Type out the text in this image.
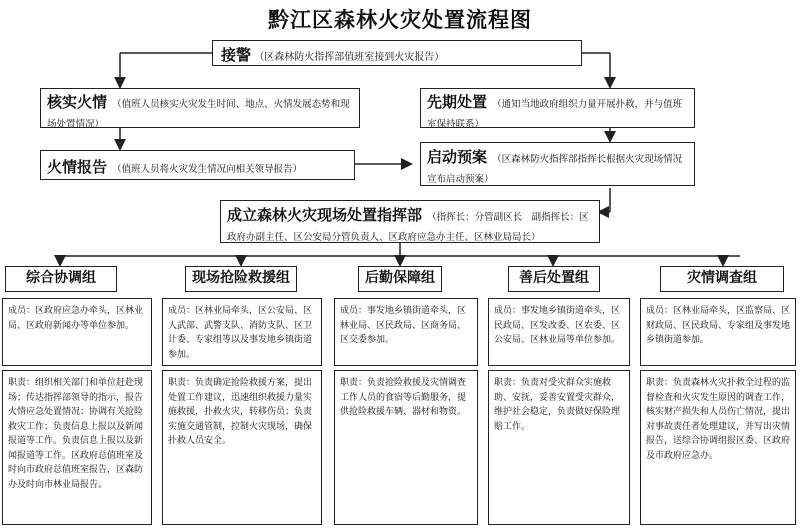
黔江区森林火灾处置流程图
接警 （区森林防火指挥部值班室接到火灾报告）
核实火情 （值班人员核实火灾发生时间、地点、火情发展态势和现场处置情况）
先期处置 （通知当地政府组织力量开展扑救，并与值班室保持联系）
火情报告 （值班人员将火灾发生情况向相关领导报告）
启动预案 （区森林防火指挥部指挥长根据火灾现场情况宣布启动预案）
成立森林火灾现场处置指挥部 （指挥长：分管副区长　副指挥长：区政府办副主任、区公安局分管负责人、区政府应急办主任、区林业局局长）
综合协调组	现场抢险救援组	后勤保障组	善后处置组	灾情调查组
成员：区政府应急办牵头，区林业局、区政府新闻办等单位参加。
成员：区林业局牵头，区公安局、区人武部、武警支队、消防支队、区卫计委、专家组等以及事发地乡镇街道参加。
成员：事发地乡镇街道牵头，区林业局、区民政局、区商务局、区交委参加。
成员：事发地乡镇街道牵头，区民政局、区发改委、区农委、区公安局、区林业局等单位参加。
成员：区林业局牵头，区监察局、区财政局、区民政局、专家组及事发地乡镇街道参加。
职责：组织相关部门和单位赶赴现场；传达指挥部领导的指示，报告火情应急处置情况；协调有关抢险救灾工作；负责信息上报以及新闻报道等工作。负责信息上报以及新闻报道等工作。区政府总值班室及时向市政府总值班室报告，区森防办及时向市林业局报告。
职责：负责确定抢险救援方案，提出处置工作建议，迅速组织救援力量实施救援，扑救火灾，转移伤员；负责实施交通管制，控制火灾现场，确保扑救人员安全。
职责：负责抢险救援及灾情调查工作人员的食宿等后勤服务，提供抢险救援车辆、器材和物资。
职责：负责对受灾群众实施救助、安抚，妥善安置受灾群众，维护社会稳定，负责做好保险理赔工作。
职责：负责森林火灾扑救全过程的监督检查和火灾发生原因的调查工作，核实财产损失和人员伤亡情况，提出对事故责任者处理建议，并写出灾情报告，送综合协调组报区委、区政府及市政府应急办。
